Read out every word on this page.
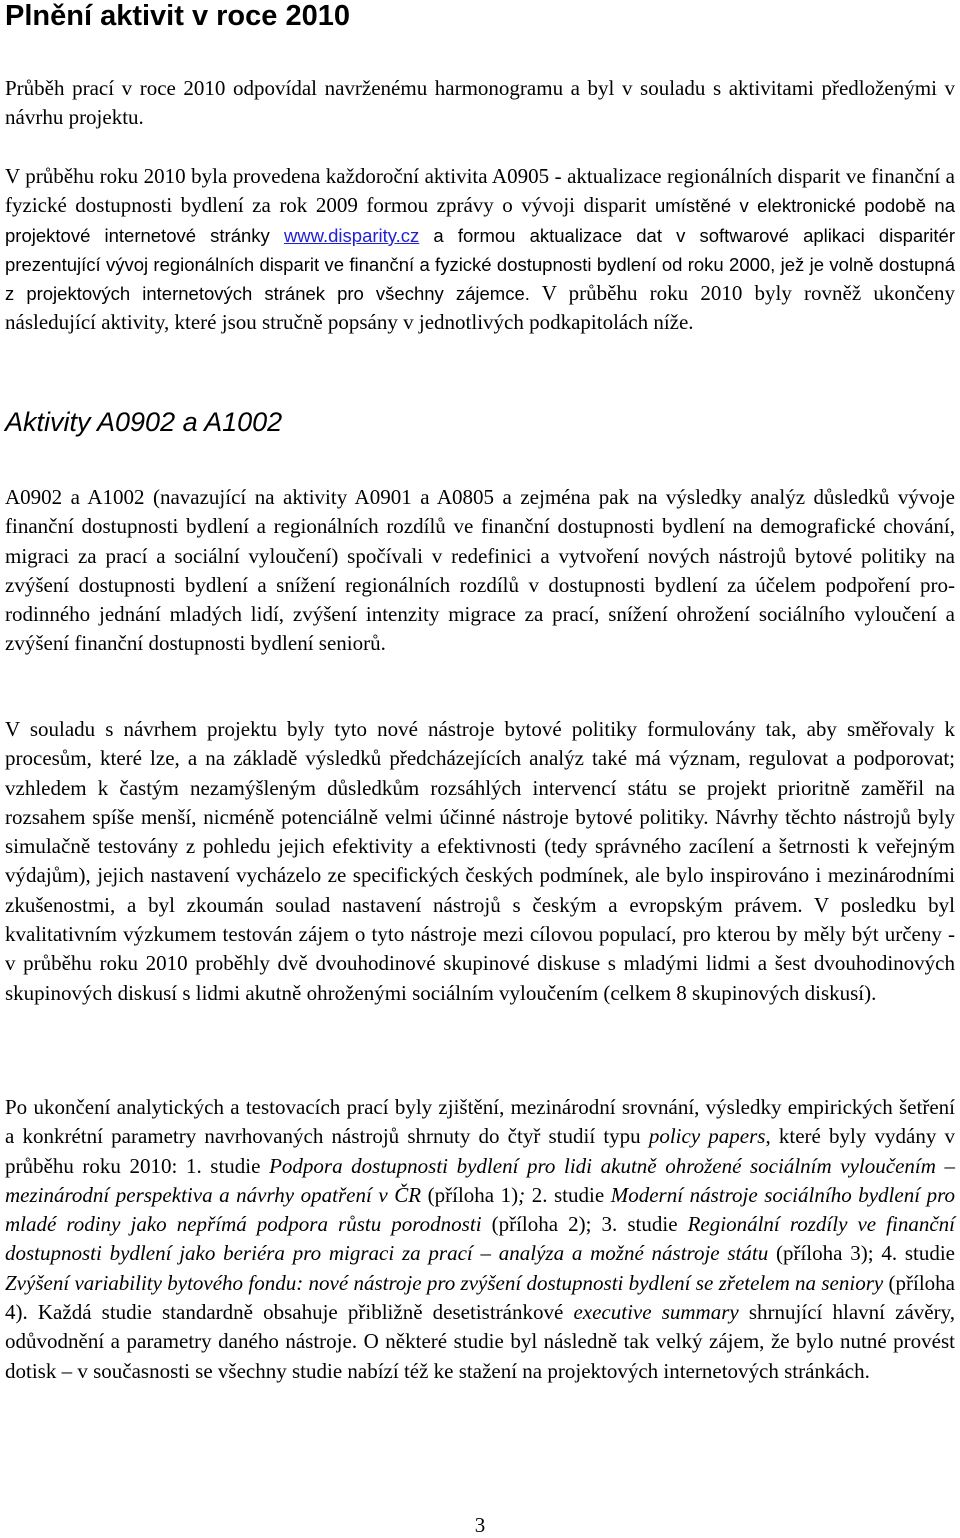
Plnění aktivit v roce 2010

Průběh prací v roce 2010 odpovídal navrženému harmonogramu a byl v souladu s aktivitami předloženými v návrhu projektu.

V průběhu roku 2010 byla provedena každoroční aktivita A0905 - aktualizace regionálních disparit ve finanční a fyzické dostupnosti bydlení za rok 2009 formou zprávy o vývoji disparit umístěné v elektronické podobě na projektové internetové stránky www.disparity.cz a formou aktualizace dat v softwarové aplikaci disparitér prezentující vývoj regionálních disparit ve finanční a fyzické dostupnosti bydlení od roku 2000, jež je volně dostupná z projektových internetových stránek pro všechny zájemce. V průběhu roku 2010 byly rovněž ukončeny následující aktivity, které jsou stručně popsány v jednotlivých podkapitolách níže.

Aktivity A0902 a A1002

A0902 a A1002 (navazující na aktivity A0901 a A0805 a zejména pak na výsledky analýz důsledků vývoje finanční dostupnosti bydlení a regionálních rozdílů ve finanční dostupnosti bydlení na demografické chování, migraci za prací a sociální vyloučení) spočívali v redefinici a vytvoření nových nástrojů bytové politiky na zvýšení dostupnosti bydlení a snížení regionálních rozdílů v dostupnosti bydlení za účelem podpoření pro-rodinného jednání mladých lidí, zvýšení intenzity migrace za prací, snížení ohrožení sociálního vyloučení a zvýšení finanční dostupnosti bydlení seniorů.

V souladu s návrhem projektu byly tyto nové nástroje bytové politiky formulovány tak, aby směřovaly k procesům, které lze, a na základě výsledků předcházejících analýz také má význam, regulovat a podporovat; vzhledem k častým nezamýšleným důsledkům rozsáhlých intervencí státu se projekt prioritně zaměřil na rozsahem spíše menší, nicméně potenciálně velmi účinné nástroje bytové politiky. Návrhy těchto nástrojů byly simulačně testovány z pohledu jejich efektivity a efektivnosti (tedy správného zacílení a šetrnosti k veřejným výdajům), jejich nastavení vycházelo ze specifických českých podmínek, ale bylo inspirováno i mezinárodními zkušenostmi, a byl zkoumán soulad nastavení nástrojů s českým a evropským právem. V posledku byl kvalitativním výzkumem testován zájem o tyto nástroje mezi cílovou populací, pro kterou by měly být určeny - v průběhu roku 2010 proběhly dvě dvouhodinové skupinové diskuse s mladými lidmi a šest dvouhodinových skupinových diskusí s lidmi akutně ohroženými sociálním vyloučením (celkem 8 skupinových diskusí).

Po ukončení analytických a testovacích prací byly zjištění, mezinárodní srovnání, výsledky empirických šetření a konkrétní parametry navrhovaných nástrojů shrnuty do čtyř studií typu policy papers, které byly vydány v průběhu roku 2010: 1. studie Podpora dostupnosti bydlení pro lidi akutně ohrožené sociálním vyloučením – mezinárodní perspektiva a návrhy opatření v ČR (příloha 1); 2. studie Moderní nástroje sociálního bydlení pro mladé rodiny jako nepřímá podpora růstu porodnosti (příloha 2); 3. studie Regionální rozdíly ve finanční dostupnosti bydlení jako beriéra pro migraci za prací – analýza a možné nástroje státu (příloha 3); 4. studie Zvýšení variability bytového fondu: nové nástroje pro zvýšení dostupnosti bydlení se zřetelem na seniory (příloha 4). Každá studie standardně obsahuje přibližně desetistránkové executive summary shrnující hlavní závěry, odůvodnění a parametry daného nástroje. O některé studie byl následně tak velký zájem, že bylo nutné provést dotisk – v současnosti se všechny studie nabízí též ke stažení na projektových internetových stránkách.

3
